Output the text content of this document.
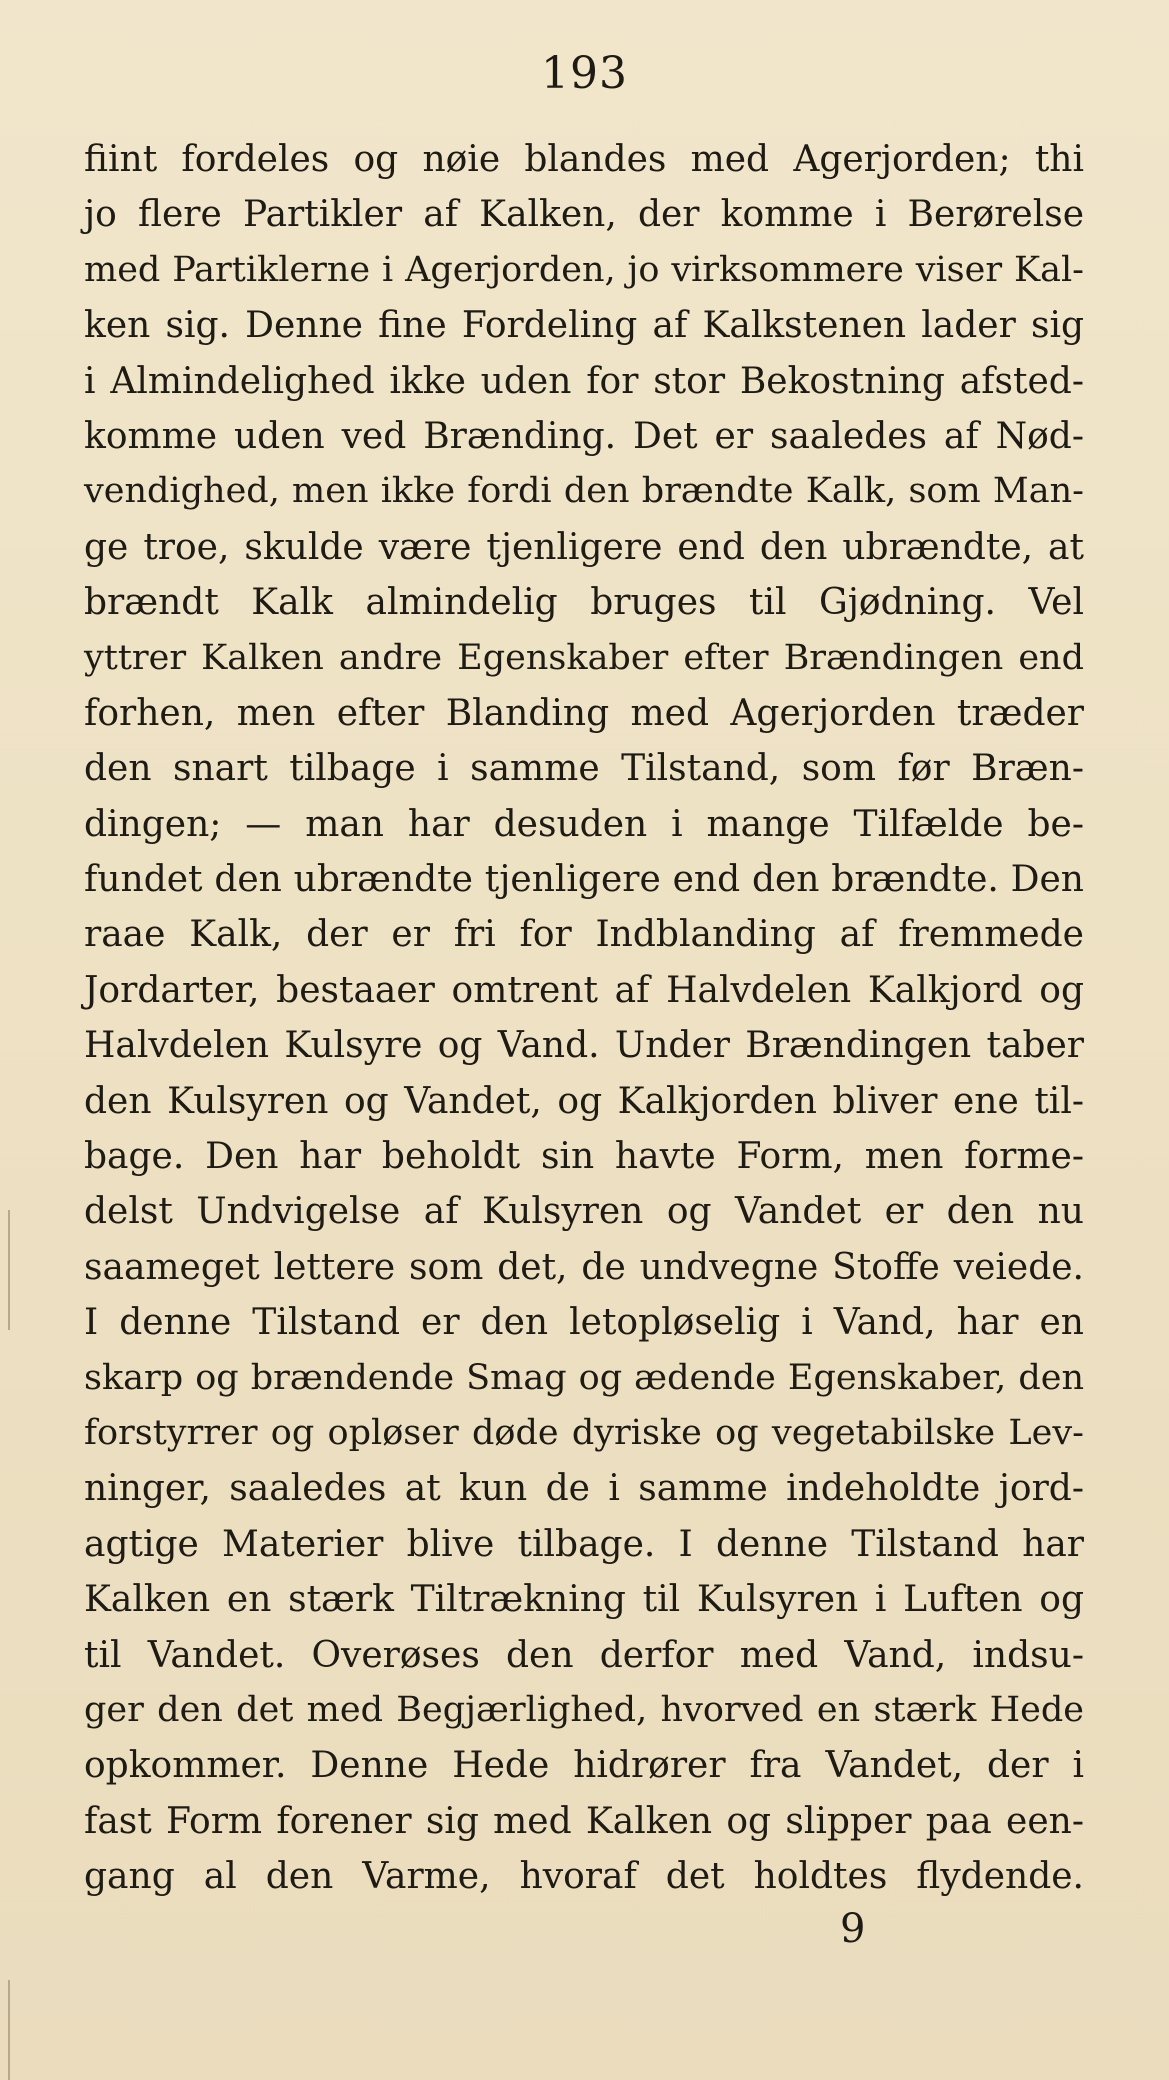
193
fiint fordeles og nøie blandes med Agerjorden; thi
jo flere Partikler af Kalken, der komme i Berørelse
med Partiklerne i Agerjorden, jo virksommere viser Kal-
ken sig. Denne fine Fordeling af Kalkstenen lader sig
i Almindelighed ikke uden for stor Bekostning afsted-
komme uden ved Brænding. Det er saaledes af Nød-
vendighed, men ikke fordi den brændte Kalk, som Man-
ge troe, skulde være tjenligere end den ubrændte, at
brændt Kalk almindelig bruges til Gjødning. Vel
yttrer Kalken andre Egenskaber efter Brændingen end
forhen, men efter Blanding med Agerjorden træder
den snart tilbage i samme Tilstand, som før Bræn-
dingen; — man har desuden i mange Tilfælde be-
fundet den ubrændte tjenligere end den brændte. Den
raae Kalk, der er fri for Indblanding af fremmede
Jordarter, bestaaer omtrent af Halvdelen Kalkjord og
Halvdelen Kulsyre og Vand. Under Brændingen taber
den Kulsyren og Vandet, og Kalkjorden bliver ene til-
bage. Den har beholdt sin havte Form, men forme-
delst Undvigelse af Kulsyren og Vandet er den nu
saameget lettere som det, de undvegne Stoffe veiede.
I denne Tilstand er den letopløselig i Vand, har en
skarp og brændende Smag og ædende Egenskaber, den
forstyrrer og opløser døde dyriske og vegetabilske Lev-
ninger, saaledes at kun de i samme indeholdte jord-
agtige Materier blive tilbage. I denne Tilstand har
Kalken en stærk Tiltrækning til Kulsyren i Luften og
til Vandet. Overøses den derfor med Vand, indsu-
ger den det med Begjærlighed, hvorved en stærk Hede
opkommer. Denne Hede hidrører fra Vandet, der i
fast Form forener sig med Kalken og slipper paa een-
gang al den Varme, hvoraf det holdtes flydende.
9
